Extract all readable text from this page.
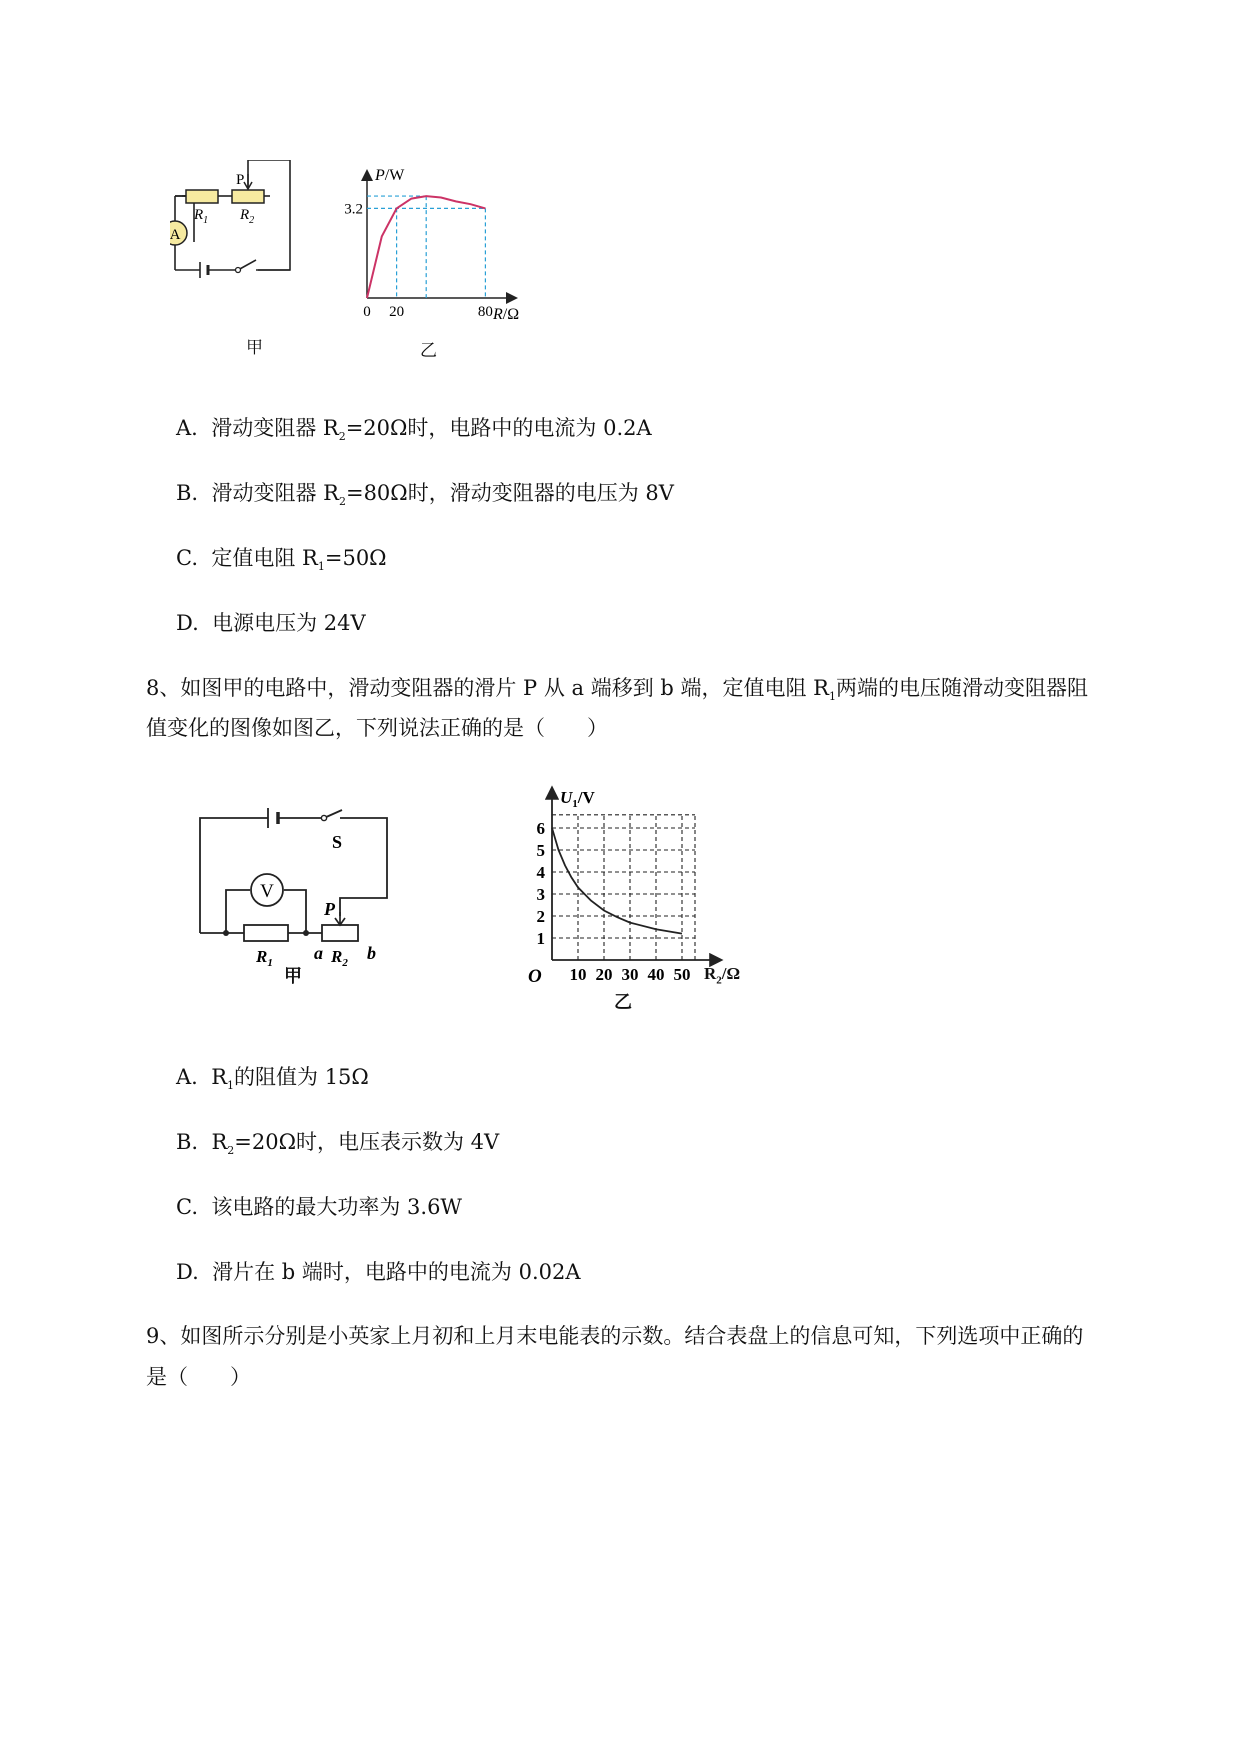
A
P
$R_1$ $R_2$
甲
P/W
R/Ω
3.2
0 20	80
乙
A. 滑动变阻器 $R_2=20\Omega$时，电路中的电流为 0.2A
B. 滑动变阻器 $R_2=80\Omega$时，滑动变阻器的电压为 8V
C. 定值电阻 $R_1=50\Omega$
D. 电源电压为 24V
8、如图甲的电路中，滑动变阻器的滑片 P 从 a 端移到 b 端，定值电阻 $R_1$两端的电压随滑动变阻器阻
值变化的图像如图乙，下列说法正确的是（　　）
V
S
P
$R_1$ a $R_2$ b
甲
1
2
3
4
5
6
10 20 30 40 50
O
$U_1/V$
$R_2/\Omega$
乙
A. $R_1$的阻值为 15Ω
B. $R_2=20\Omega$时，电压表示数为 4V
C. 该电路的最大功率为 3.6W
D. 滑片在 b 端时，电路中的电流为 0.02A
9、如图所示分别是小英家上月初和上月末电能表的示数。结合表盘上的信息可知，下列选项中正确的
是（　　）
